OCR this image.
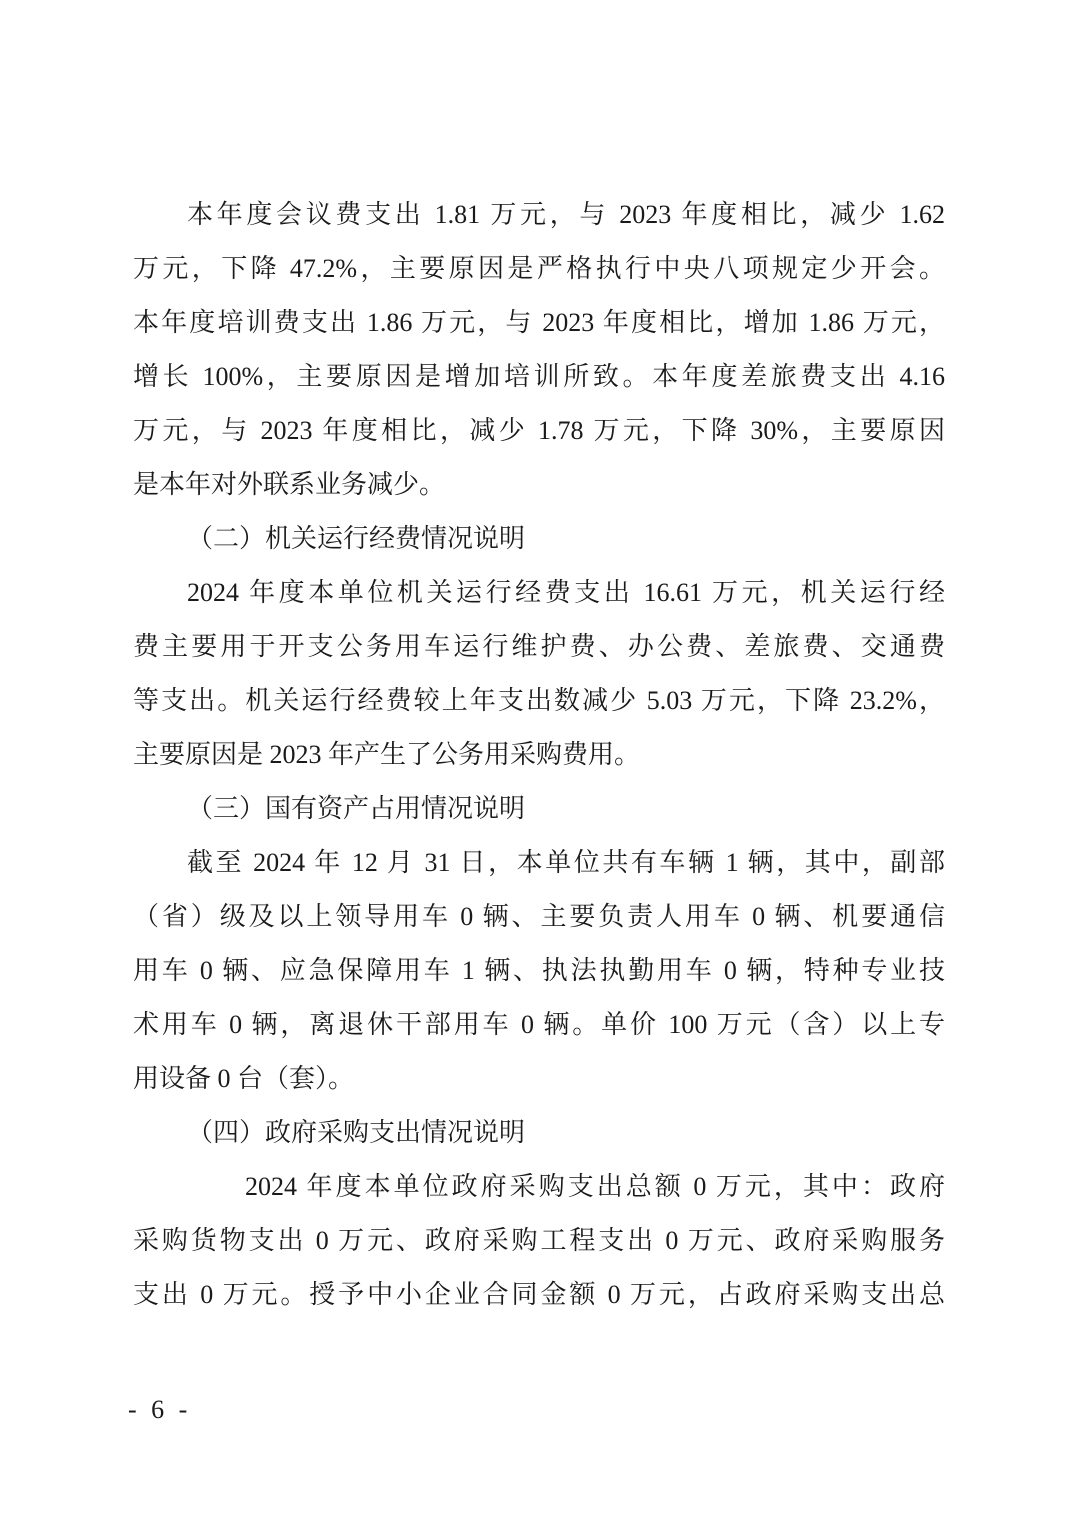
本年度会议费支出 1.81 万元，与 2023 年度相比，减少 1.62
万元，下降 47.2%，主要原因是严格执行中央八项规定少开会。
本年度培训费支出 1.86 万元，与 2023 年度相比，增加 1.86 万元，
增长 100%，主要原因是增加培训所致。本年度差旅费支出 4.16
万元，与 2023 年度相比，减少 1.78 万元，下降 30%，主要原因
是本年对外联系业务减少。
（二）机关运行经费情况说明
2024 年度本单位机关运行经费支出 16.61 万元，机关运行经
费主要用于开支公务用车运行维护费、办公费、差旅费、交通费
等支出。机关运行经费较上年支出数减少 5.03 万元，下降 23.2%，
主要原因是 2023 年产生了公务用采购费用。
（三）国有资产占用情况说明
截至 2024 年 12 月 31 日，本单位共有车辆 1 辆，其中，副部
（省）级及以上领导用车 0 辆、主要负责人用车 0 辆、机要通信
用车 0 辆、应急保障用车 1 辆、执法执勤用车 0 辆，特种专业技
术用车 0 辆，离退休干部用车 0 辆。单价 100 万元（含）以上专
用设备 0 台（套）。
（四）政府采购支出情况说明
2024 年度本单位政府采购支出总额 0 万元，其中：政府
采购货物支出 0 万元、政府采购工程支出 0 万元、政府采购服务
支出 0 万元。授予中小企业合同金额 0 万元，占政府采购支出总
- 6 -
